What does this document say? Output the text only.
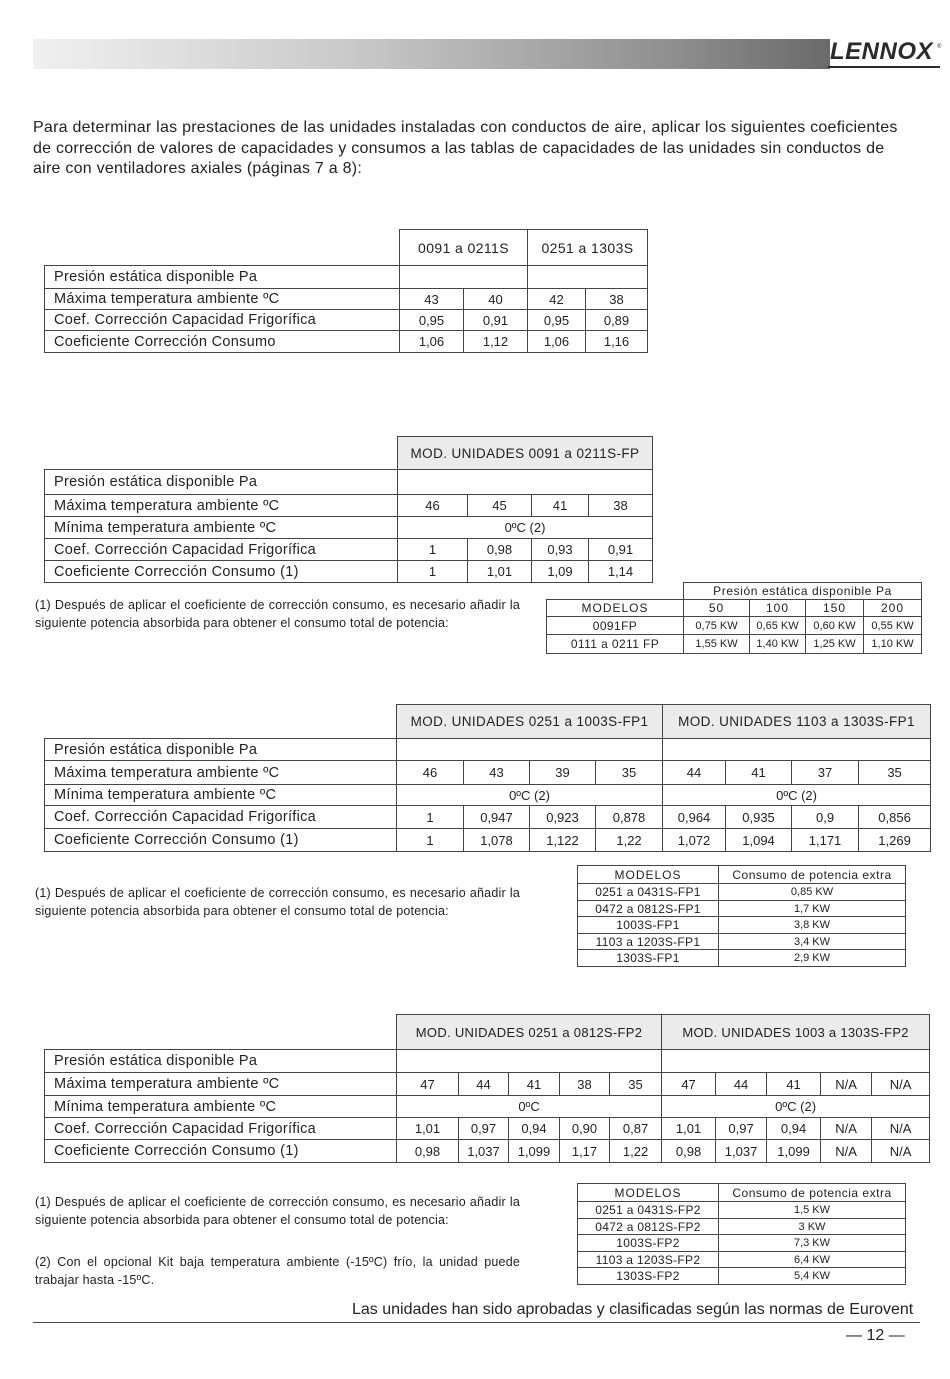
LENNOX ®
Para determinar las prestaciones de las unidades instaladas con conductos de aire, aplicar los siguientes coeficientes de corrección de valores de capacidades y consumos a las tablas de capacidades de las unidades sin conductos de aire con ventiladores axiales (páginas 7 a 8):
	0091 a 0211S		0251 a 1303S	
Presión estática disponible Pa				
Máxima temperatura ambiente ºC	43	40	42	38
Coef. Corrección Capacidad Frigorífica	0,95	0,91	0,95	0,89
Coeficiente Corrección Consumo	1,06	1,12	1,06	1,16
	MOD. UNIDADES 0091 a 0211S-FP			
Presión estática disponible Pa				
Máxima temperatura ambiente ºC	46	45	41	38
Mínima temperatura ambiente ºC	0ºC (2)			
Coef. Corrección Capacidad Frigorífica	1	0,98	0,93	0,91
Coeficiente Corrección Consumo (1)	1	1,01	1,09	1,14
(1) Después de aplicar el coeficiente de corrección consumo, es necesario añadir la siguiente potencia absorbida para obtener el consumo total de potencia:
	Presión estática disponible Pa			
MODELOS	50	100	150	200
0091FP	0,75 KW	0,65 KW	0,60 KW	0,55 KW
0111 a 0211 FP	1,55 KW	1,40 KW	1,25 KW	1,10 KW
	MOD. UNIDADES 0251 a 1003S-FP1				MOD. UNIDADES 1103 a 1303S-FP1			
Presión estática disponible Pa								
Máxima temperatura ambiente ºC	46	43	39	35	44	41	37	35
Mínima temperatura ambiente ºC	0ºC (2)				0ºC (2)			
Coef. Corrección Capacidad Frigorífica	1	0,947	0,923	0,878	0,964	0,935	0,9	0,856
Coeficiente Corrección Consumo (1)	1	1,078	1,122	1,22	1,072	1,094	1,171	1,269
(1) Después de aplicar el coeficiente de corrección consumo, es necesario añadir la siguiente potencia absorbida para obtener el consumo total de potencia:
MODELOS	Consumo de potencia extra
0251 a 0431S-FP1	0,85 KW
0472 a 0812S-FP1	1,7 KW
1003S-FP1	3,8 KW
1103 a 1203S-FP1	3,4 KW
1303S-FP1	2,9 KW
	MOD. UNIDADES 0251 a 0812S-FP2					MOD. UNIDADES 1003 a 1303S-FP2				
Presión estática disponible Pa										
Máxima temperatura ambiente ºC	47	44	41	38	35	47	44	41	N/A	N/A
Mínima temperatura ambiente ºC	0ºC					0ºC (2)				
Coef. Corrección Capacidad Frigorífica	1,01	0,97	0,94	0,90	0,87	1,01	0,97	0,94	N/A	N/A
Coeficiente Corrección Consumo (1)	0,98	1,037	1,099	1,17	1,22	0,98	1,037	1,099	N/A	N/A
(1) Después de aplicar el coeficiente de corrección consumo, es necesario añadir la siguiente potencia absorbida para obtener el consumo total de potencia:
(2) Con el opcional Kit baja temperatura ambiente (-15ºC) frío, la unidad puede trabajar hasta -15ºC.
MODELOS	Consumo de potencia extra
0251 a 0431S-FP2	1,5 KW
0472 a 0812S-FP2	3 KW
1003S-FP2	7,3 KW
1103 a 1203S-FP2	6,4 KW
1303S-FP2	5,4 KW
Las unidades han sido aprobadas y clasificadas según las normas de Eurovent
— 12 —
